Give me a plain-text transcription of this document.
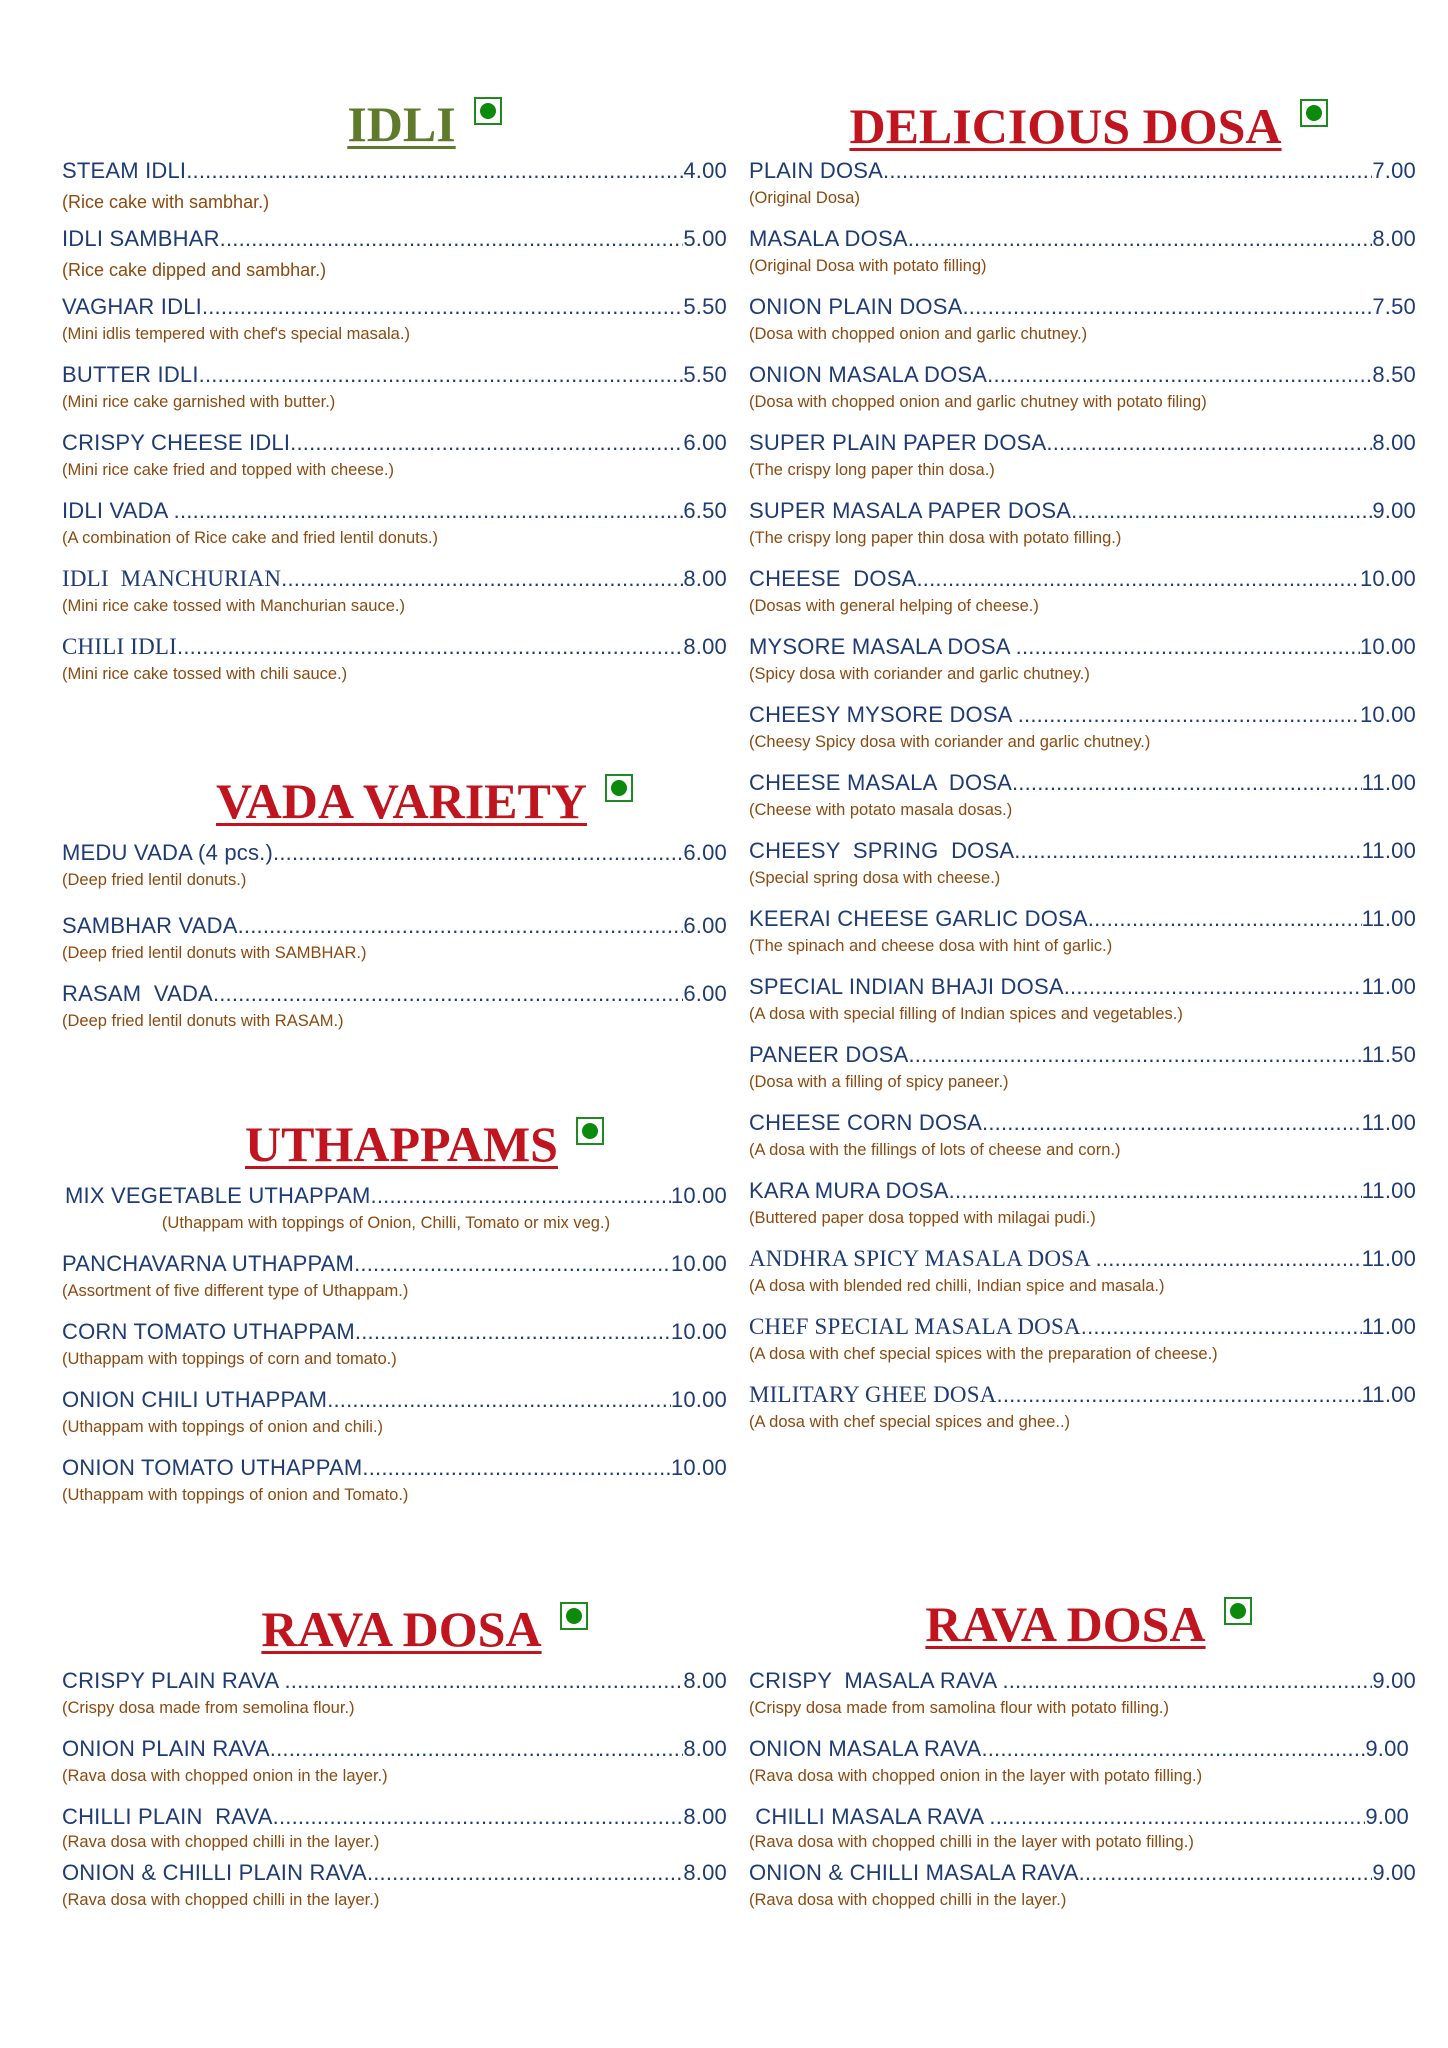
IDLI
STEAM IDLI .....	4.00
(Rice cake with sambhar.)
IDLI SAMBHAR .....	5.00
(Rice cake dipped and sambhar.)
VAGHAR IDLI .....	5.50
(Mini idlis tempered with chef's special masala.)
BUTTER IDLI .....	5.50
(Mini rice cake garnished with butter.)
CRISPY CHEESE IDLI .....	6.00
(Mini rice cake fried and topped with cheese.)
IDLI VADA .....	6.50
(A combination of Rice cake and fried lentil donuts.)
IDLI  MANCHURIAN .....	8.00
(Mini rice cake tossed with Manchurian sauce.)
CHILI IDLI .....	8.00
(Mini rice cake tossed with chili sauce.)
VADA VARIETY
MEDU VADA (4 pcs.) .....	6.00
(Deep fried lentil donuts.)
SAMBHAR VADA .....	6.00
(Deep fried lentil donuts with SAMBHAR.)
RASAM  VADA .....	6.00
(Deep fried lentil donuts with RASAM.)
UTHAPPAMS
MIX VEGETABLE UTHAPPAM .....	10.00
(Uthappam with toppings of Onion, Chilli, Tomato or mix veg.)
PANCHAVARNA UTHAPPAM .....	10.00
(Assortment of five different type of Uthappam.)
CORN TOMATO UTHAPPAM .....	10.00
(Uthappam with toppings of corn and tomato.)
ONION CHILI UTHAPPAM .....	10.00
(Uthappam with toppings of onion and chili.)
ONION TOMATO UTHAPPAM .....	10.00
(Uthappam with toppings of onion and Tomato.)
DELICIOUS DOSA
PLAIN DOSA .....	7.00
(Original Dosa)
MASALA DOSA .....	8.00
(Original Dosa with potato filling)
ONION PLAIN DOSA .....	7.50
(Dosa with chopped onion and garlic chutney.)
ONION MASALA DOSA .....	8.50
(Dosa with chopped onion and garlic chutney with potato filing)
SUPER PLAIN PAPER DOSA .....	8.00
(The crispy long paper thin dosa.)
SUPER MASALA PAPER DOSA .....	9.00
(The crispy long paper thin dosa with potato filling.)
CHEESE  DOSA .....	10.00
(Dosas with general helping of cheese.)
MYSORE MASALA DOSA .....	10.00
(Spicy dosa with coriander and garlic chutney.)
CHEESY MYSORE DOSA .....	10.00
(Cheesy Spicy dosa with coriander and garlic chutney.)
CHEESE MASALA  DOSA .....	11.00
(Cheese with potato masala dosas.)
CHEESY  SPRING  DOSA .....	11.00
(Special spring dosa with cheese.)
KEERAI CHEESE GARLIC DOSA .....	11.00
(The spinach and cheese dosa with hint of garlic.)
SPECIAL INDIAN BHAJI DOSA .....	11.00
(A dosa with special filling of Indian spices and vegetables.)
PANEER DOSA .....	11.50
(Dosa with a filling of spicy paneer.)
CHEESE CORN DOSA .....	11.00
(A dosa with the fillings of lots of cheese and corn.)
KARA MURA DOSA .....	11.00
(Buttered paper dosa topped with milagai pudi.)
ANDHRA SPICY MASALA DOSA .....	11.00
(A dosa with blended red chilli, Indian spice and masala.)
CHEF SPECIAL MASALA DOSA .....	11.00
(A dosa with chef special spices with the preparation of cheese.)
MILITARY GHEE DOSA .....	11.00
(A dosa with chef special spices and ghee..)
RAVA DOSA
CRISPY PLAIN RAVA .....	8.00
(Crispy dosa made from semolina flour.)
ONION PLAIN RAVA .....	8.00
(Rava dosa with chopped onion in the layer.)
CHILLI PLAIN  RAVA .....	8.00
(Rava dosa with chopped chilli in the layer.)
ONION & CHILLI PLAIN RAVA .....	8.00
(Rava dosa with chopped chilli in the layer.)
RAVA DOSA
CRISPY  MASALA RAVA .....	9.00
(Crispy dosa made from samolina flour with potato filling.)
ONION MASALA RAVA .....	9.00
(Rava dosa with chopped onion in the layer with potato filling.)
CHILLI MASALA RAVA .....	9.00
(Rava dosa with chopped chilli in the layer with potato filling.)
ONION & CHILLI MASALA RAVA .....	9.00
(Rava dosa with chopped chilli in the layer.)
